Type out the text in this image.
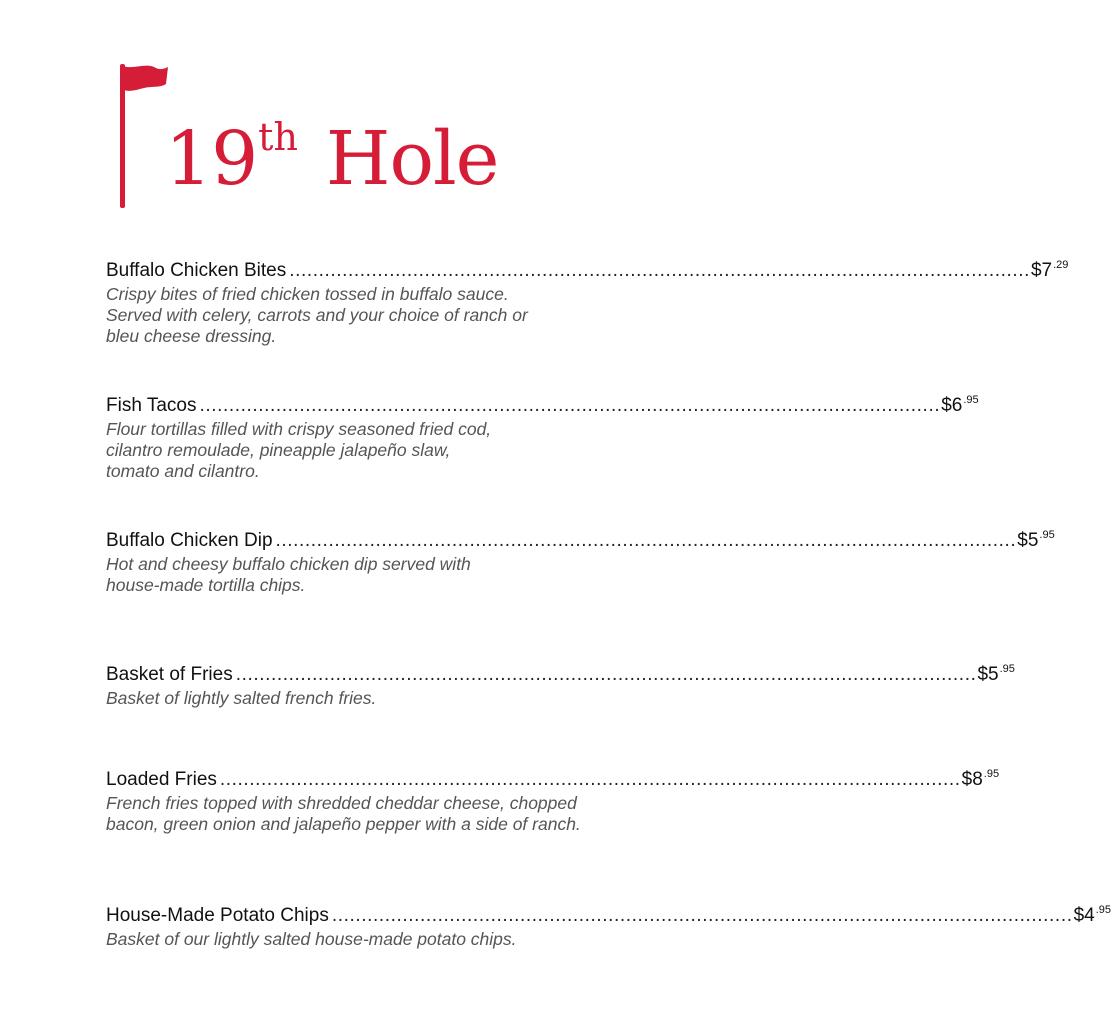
19th Hole
Buffalo Chicken Bites .............................................................................................................................. $\$7^{.29}$

Crispy bites of fried chicken tossed in buffalo sauce.
Served with celery, carrots and your choice of ranch or
bleu cheese dressing.

Fish Tacos .............................................................................................................................. $\$6^{.95}$

Flour tortillas filled with crispy seasoned fried cod,
cilantro remoulade, pineapple jalapeño slaw,
tomato and cilantro.

Buffalo Chicken Dip .............................................................................................................................. $\$5^{.95}$

Hot and cheesy buffalo chicken dip served with
house-made tortilla chips.

Basket of Fries .............................................................................................................................. $\$5^{.95}$

Basket of lightly salted french fries.

Loaded Fries .............................................................................................................................. $\$8^{.95}$

French fries topped with shredded cheddar cheese, chopped
bacon, green onion and jalapeño pepper with a side of ranch.

House-Made Potato Chips .............................................................................................................................. $\$4^{.95}$

Basket of our lightly salted house-made potato chips.
